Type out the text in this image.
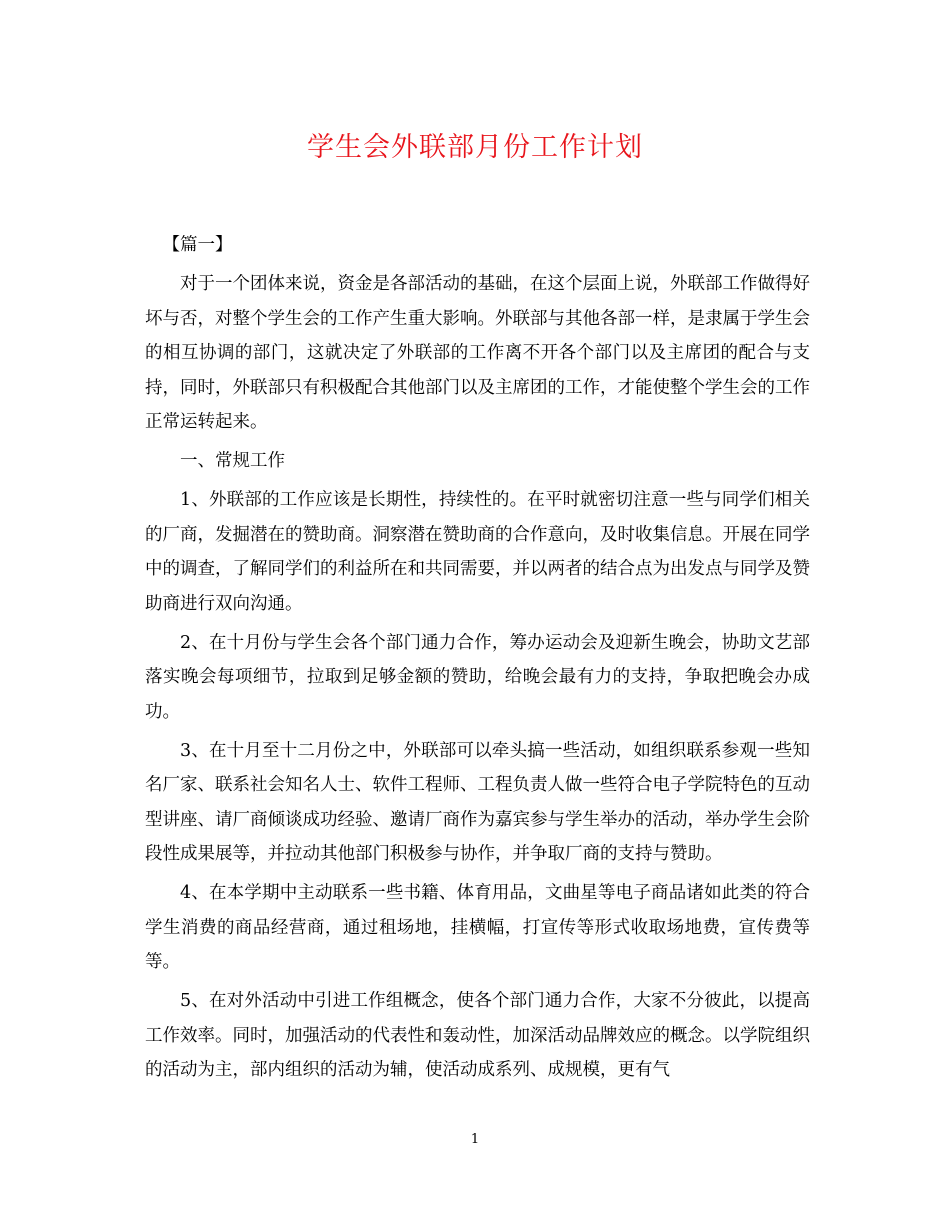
学生会外联部月份工作计划

【篇一】

对于一个团体来说，资金是各部活动的基础，在这个层面上说，外联部工作做得好坏与否，对整个学生会的工作产生重大影响。外联部与其他各部一样，是隶属于学生会的相互协调的部门，这就决定了外联部的工作离不开各个部门以及主席团的配合与支持，同时，外联部只有积极配合其他部门以及主席团的工作，才能使整个学生会的工作正常运转起来。

一、常规工作

1、外联部的工作应该是长期性，持续性的。在平时就密切注意一些与同学们相关的厂商，发掘潜在的赞助商。洞察潜在赞助商的合作意向，及时收集信息。开展在同学中的调查，了解同学们的利益所在和共同需要，并以两者的结合点为出发点与同学及赞助商进行双向沟通。

2、在十月份与学生会各个部门通力合作，筹办运动会及迎新生晚会，协助文艺部落实晚会每项细节，拉取到足够金额的赞助，给晚会最有力的支持，争取把晚会办成功。

3、在十月至十二月份之中，外联部可以牵头搞一些活动，如组织联系参观一些知名厂家、联系社会知名人士、软件工程师、工程负责人做一些符合电子学院特色的互动型讲座、请厂商倾谈成功经验、邀请厂商作为嘉宾参与学生举办的活动，举办学生会阶段性成果展等，并拉动其他部门积极参与协作，并争取厂商的支持与赞助。

4、在本学期中主动联系一些书籍、体育用品，文曲星等电子商品诸如此类的符合学生消费的商品经营商，通过租场地，挂横幅，打宣传等形式收取场地费，宣传费等等。

5、在对外活动中引进工作组概念，使各个部门通力合作，大家不分彼此，以提高工作效率。同时，加强活动的代表性和轰动性，加深活动品牌效应的概念。以学院组织的活动为主，部内组织的活动为辅，使活动成系列、成规模，更有气

1
